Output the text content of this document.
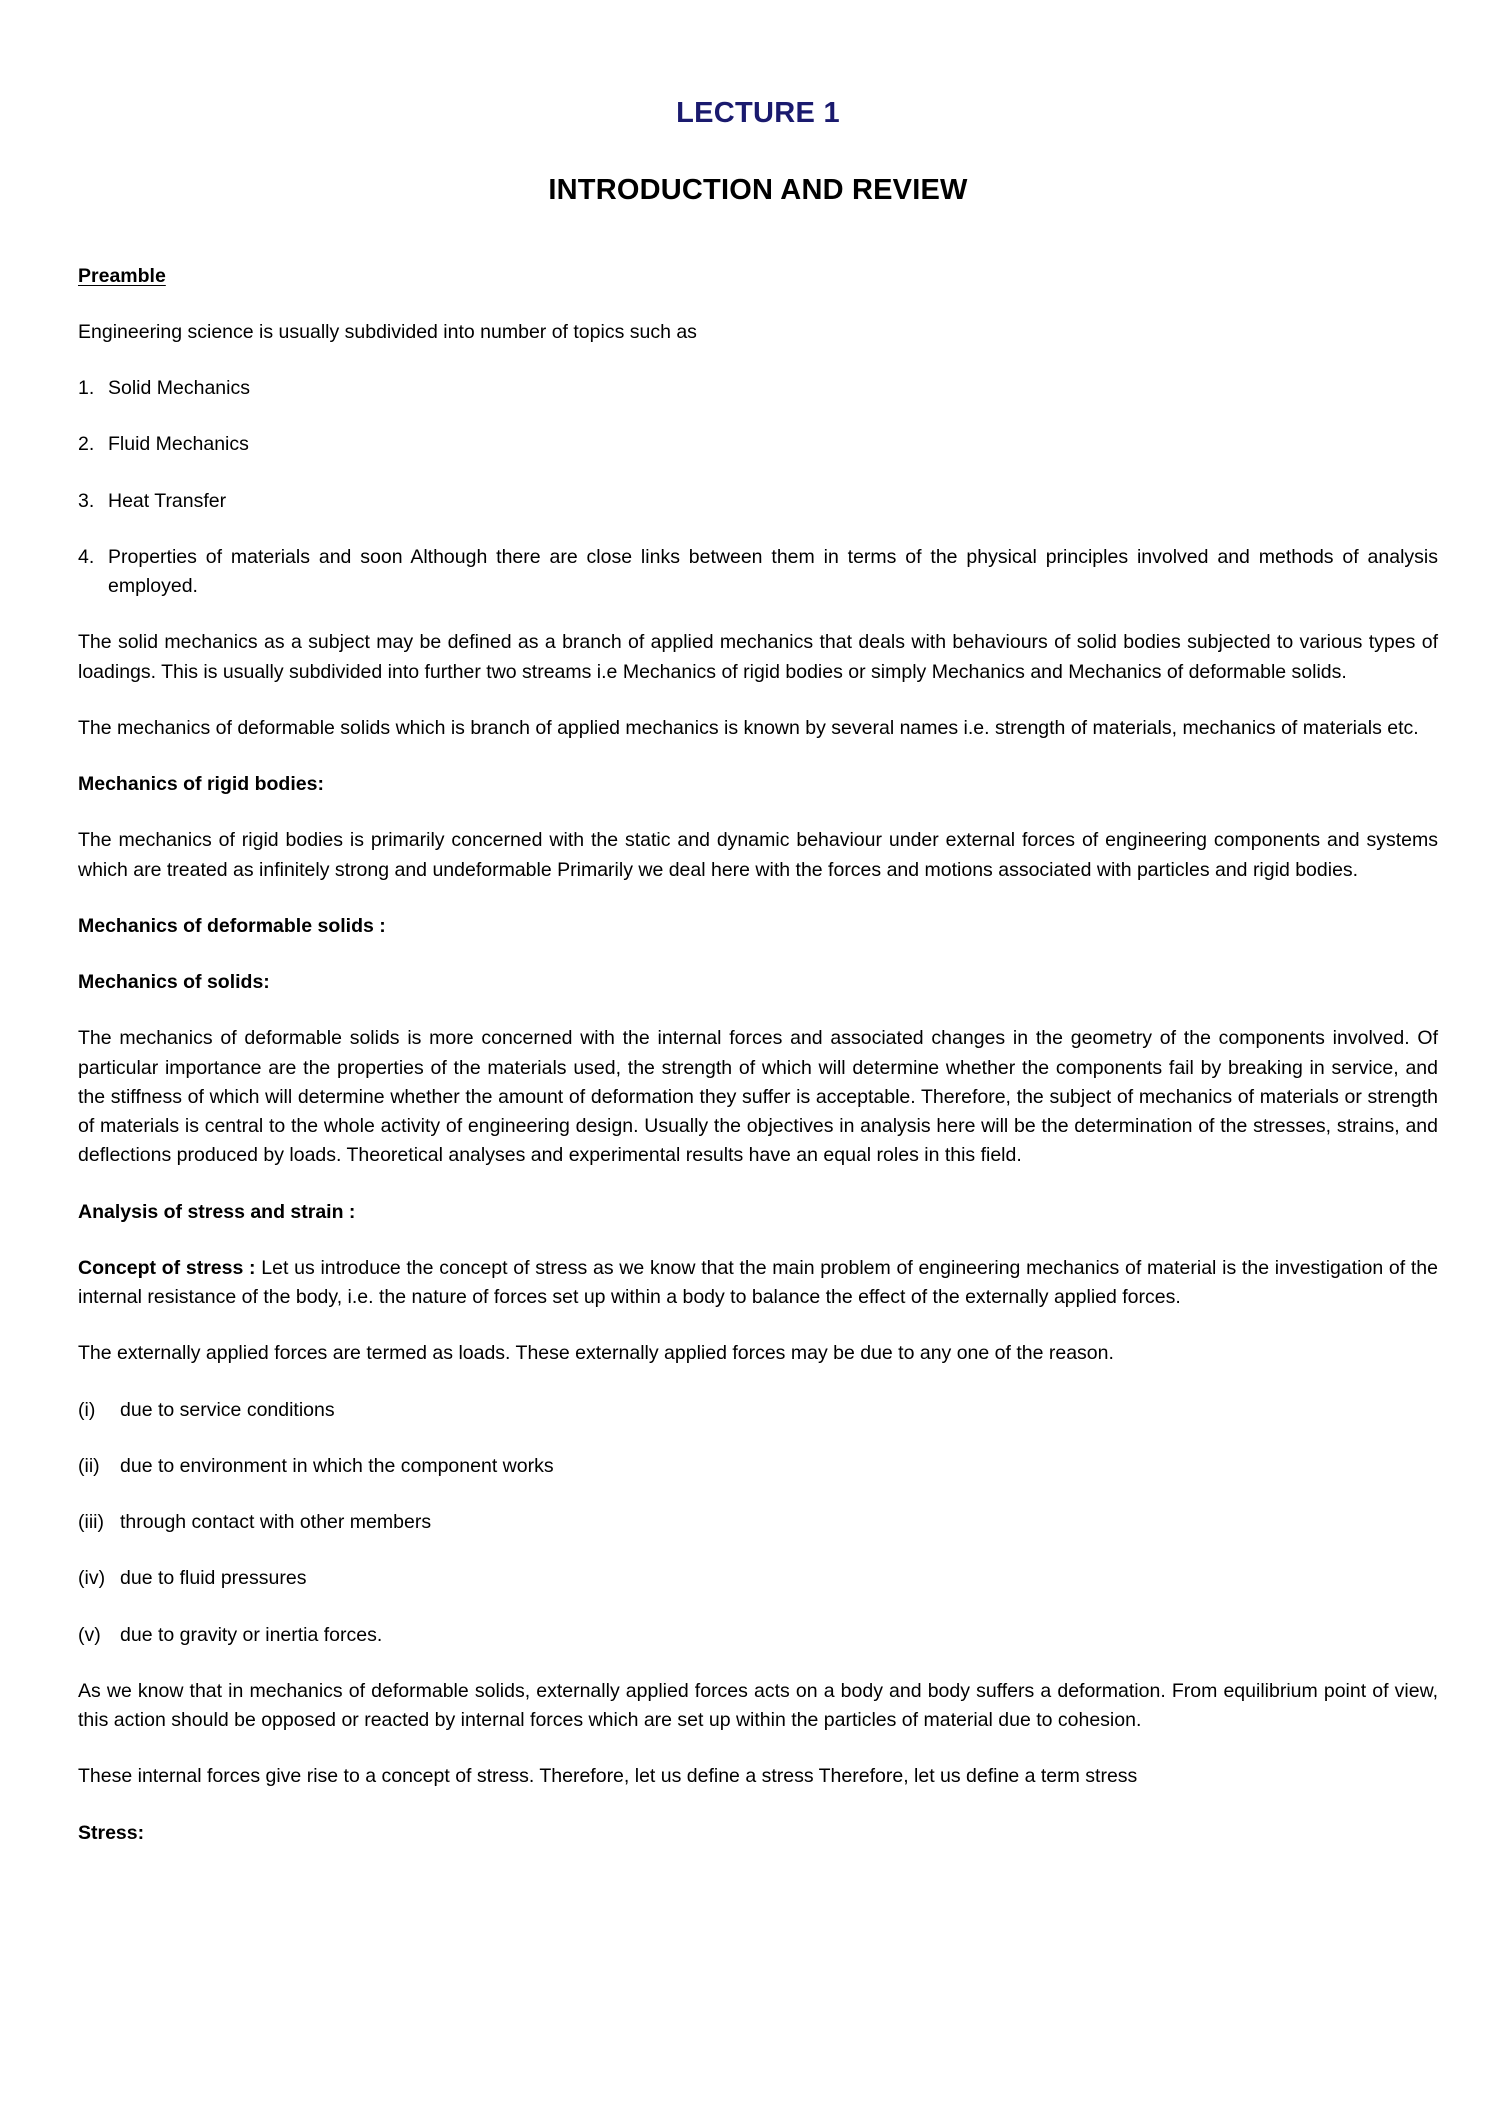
LECTURE 1
INTRODUCTION AND REVIEW
Preamble

Engineering science is usually subdivided into number of topics such as

1. Solid Mechanics
2. Fluid Mechanics
3. Heat Transfer
4. Properties of materials and soon Although there are close links between them in terms of the physical principles involved and methods of analysis employed.

The solid mechanics as a subject may be defined as a branch of applied mechanics that deals with behaviours of solid bodies subjected to various types of loadings. This is usually subdivided into further two streams i.e Mechanics of rigid bodies or simply Mechanics and Mechanics of deformable solids.

The mechanics of deformable solids which is branch of applied mechanics is known by several names i.e. strength of materials, mechanics of materials etc.

Mechanics of rigid bodies:

The mechanics of rigid bodies is primarily concerned with the static and dynamic behaviour under external forces of engineering components and systems which are treated as infinitely strong and undeformable Primarily we deal here with the forces and motions associated with particles and rigid bodies.

Mechanics of deformable solids :
Mechanics of solids:

The mechanics of deformable solids is more concerned with the internal forces and associated changes in the geometry of the components involved. Of particular importance are the properties of the materials used, the strength of which will determine whether the components fail by breaking in service, and the stiffness of which will determine whether the amount of deformation they suffer is acceptable. Therefore, the subject of mechanics of materials or strength of materials is central to the whole activity of engineering design. Usually the objectives in analysis here will be the determination of the stresses, strains, and deflections produced by loads. Theoretical analyses and experimental results have an equal roles in this field.

Analysis of stress and strain :

Concept of stress : Let us introduce the concept of stress as we know that the main problem of engineering mechanics of material is the investigation of the internal resistance of the body, i.e. the nature of forces set up within a body to balance the effect of the externally applied forces.

The externally applied forces are termed as loads. These externally applied forces may be due to any one of the reason.

(i)	due to service conditions
(ii)	due to environment in which the component works
(iii) through contact with other members
(iv) due to fluid pressures
(v) due to gravity or inertia forces.

As we know that in mechanics of deformable solids, externally applied forces acts on a body and body suffers a deformation. From equilibrium point of view, this action should be opposed or reacted by internal forces which are set up within the particles of material due to cohesion.

These internal forces give rise to a concept of stress. Therefore, let us define a stress Therefore, let us define a term stress

Stress:
